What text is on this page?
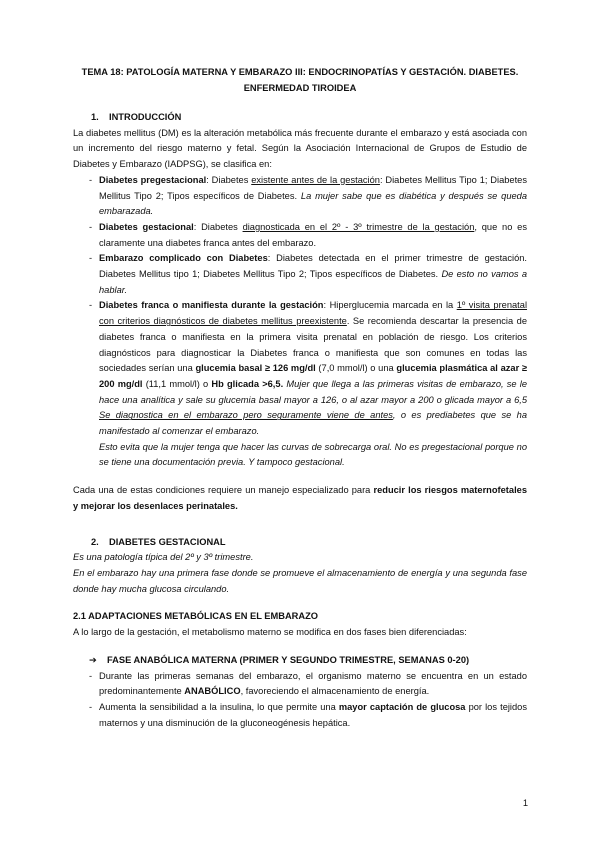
TEMA 18: PATOLOGÍA MATERNA Y EMBARAZO III: ENDOCRINOPATÍAS Y GESTACIÓN. DIABETES. ENFERMEDAD TIROIDEA
1. INTRODUCCIÓN
La diabetes mellitus (DM) es la alteración metabólica más frecuente durante el embarazo y está asociada con un incremento del riesgo materno y fetal. Según la Asociación Internacional de Grupos de Estudio de Diabetes y Embarazo (IADPSG), se clasifica en:
- Diabetes pregestacional: Diabetes existente antes de la gestación: Diabetes Mellitus Tipo 1; Diabetes Mellitus Tipo 2; Tipos específicos de Diabetes. La mujer sabe que es diabética y después se queda embarazada.
- Diabetes gestacional: Diabetes diagnosticada en el 2º - 3º trimestre de la gestación, que no es claramente una diabetes franca antes del embarazo.
- Embarazo complicado con Diabetes: Diabetes detectada en el primer trimestre de gestación. Diabetes Mellitus tipo 1; Diabetes Mellitus Tipo 2; Tipos específicos de Diabetes. De esto no vamos a hablar.
- Diabetes franca o manifiesta durante la gestación: Hiperglucemia marcada en la 1º visita prenatal con criterios diagnósticos de diabetes mellitus preexistente. Se recomienda descartar la presencia de diabetes franca o manifiesta en la primera visita prenatal en población de riesgo. Los criterios diagnósticos para diagnosticar la Diabetes franca o manifiesta que son comunes en todas las sociedades serían una glucemia basal ≥ 126 mg/dl (7,0 mmol/l) o una glucemia plasmática al azar ≥ 200 mg/dl (11,1 mmol/l) o Hb glicada >6,5. Mujer que llega a las primeras visitas de embarazo, se le hace una analítica y sale su glucemia basal mayor a 126, o al azar mayor a 200 o glicada mayor a 6,5 Se diagnostica en el embarazo pero seguramente viene de antes, o es prediabetes que se ha manifestado al comenzar el embarazo.
Esto evita que la mujer tenga que hacer las curvas de sobrecarga oral. No es pregestacional porque no se tiene una documentación previa. Y tampoco gestacional.
Cada una de estas condiciones requiere un manejo especializado para reducir los riesgos maternofetales y mejorar los desenlaces perinatales.
2. DIABETES GESTACIONAL
Es una patología típica del 2º y 3º trimestre.
En el embarazo hay una primera fase donde se promueve el almacenamiento de energía y una segunda fase donde hay mucha glucosa circulando.
2.1 ADAPTACIONES METABÓLICAS EN EL EMBARAZO
A lo largo de la gestación, el metabolismo materno se modifica en dos fases bien diferenciadas:
➔ FASE ANABÓLICA MATERNA (PRIMER Y SEGUNDO TRIMESTRE, SEMANAS 0-20)
- Durante las primeras semanas del embarazo, el organismo materno se encuentra en un estado predominantemente ANABÓLICO, favoreciendo el almacenamiento de energía.
- Aumenta la sensibilidad a la insulina, lo que permite una mayor captación de glucosa por los tejidos maternos y una disminución de la gluconeogénesis hepática.
1
